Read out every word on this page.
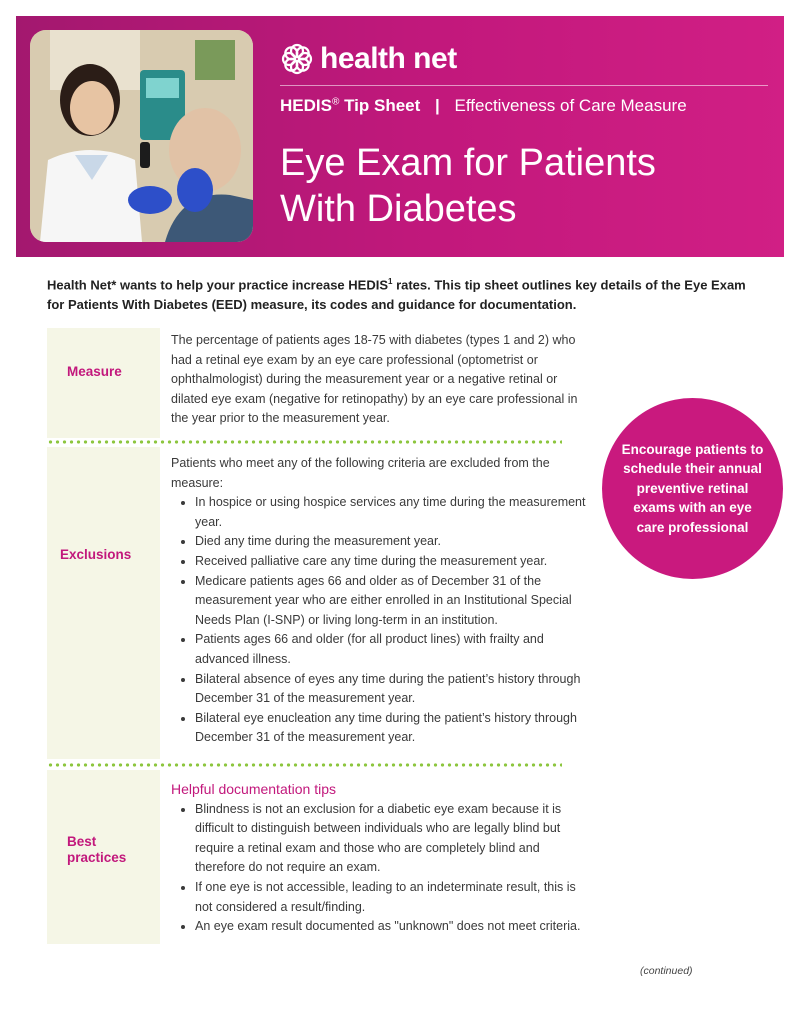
health net
HEDIS® Tip Sheet | Effectiveness of Care Measure
Eye Exam for Patients
With Diabetes
Health Net* wants to help your practice increase HEDIS$^1$ rates. This tip sheet outlines key details of the Eye Exam for Patients With Diabetes (EED) measure, its codes and guidance for documentation.
Measure

The percentage of patients ages 18-75 with diabetes (types 1 and 2) who had a retinal eye exam by an eye care professional (optometrist or ophthalmologist) during the measurement year or a negative retinal or dilated eye exam (negative for retinopathy) by an eye care professional in the year prior to the measurement year.

Exclusions

Patients who meet any of the following criteria are excluded from the measure:

• In hospice or using hospice services any time during the measurement year.
• Died any time during the measurement year.
• Received palliative care any time during the measurement year.
• Medicare patients ages 66 and older as of December 31 of the measurement year who are either enrolled in an Institutional Special Needs Plan (I-SNP) or living long-term in an institution.
• Patients ages 66 and older (for all product lines) with frailty and advanced illness.
• Bilateral absence of eyes any time during the patient’s history through December 31 of the measurement year.
• Bilateral eye enucleation any time during the patient’s history through December 31 of the measurement year.
Best
practices

Helpful documentation tips

• Blindness is not an exclusion for a diabetic eye exam because it is difficult to distinguish between individuals who are legally blind but require a retinal exam and those who are completely blind and therefore do not require an exam.
• If one eye is not accessible, leading to an indeterminate result, this is not considered a result/finding.
• An eye exam result documented as "unknown" does not meet criteria.
Encourage patients to schedule their annual preventive retinal exams with an eye care professional
(continued)
